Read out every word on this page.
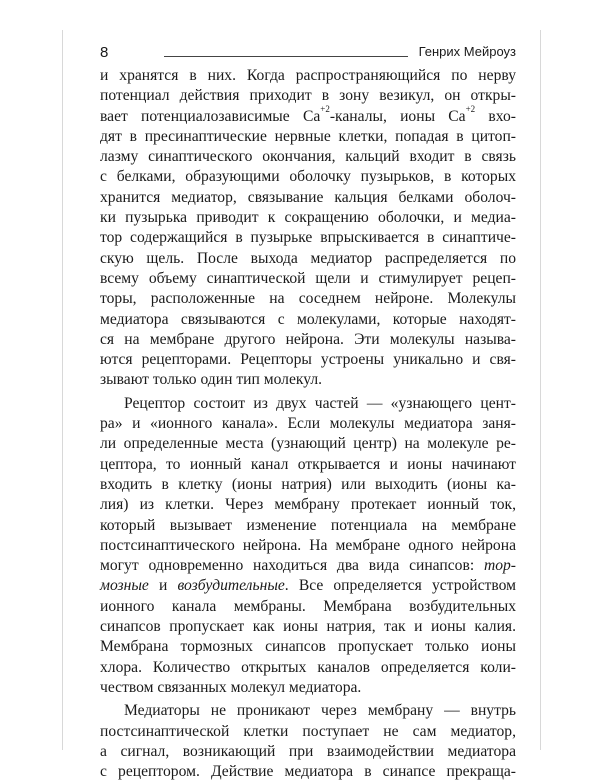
8	Генрих Мейроуз

и хранятся в них. Когда распространяющийся по нерву
потенциал действия приходит в зону везикул, он откры-
вает потенциалозависимые $Ca^{+2}$-каналы, ионы $Ca^{+2}$ вхо-
дят в пресинаптические нервные клетки, попадая в цитоп-
лазму синаптического окончания, кальций входит в связь
с белками, образующими оболочку пузырьков, в которых
хранится медиатор, связывание кальция белками оболоч-
ки пузырька приводит к сокращению оболочки, и медиа-
тор содержащийся в пузырьке впрыскивается в синаптиче-
скую щель. После выхода медиатор распределяется по
всему объему синаптической щели и стимулирует рецеп-
торы, расположенные на соседнем нейроне. Молекулы
медиатора связываются с молекулами, которые находят-
ся на мембране другого нейрона. Эти молекулы называ-
ются рецепторами. Рецепторы устроены уникально и свя-
зывают только один тип молекул.

Рецептор состоит из двух частей — «узнающего цент-
ра» и «ионного канала». Если молекулы медиатора заня-
ли определенные места (узнающий центр) на молекуле ре-
цептора, то ионный канал открывается и ионы начинают
входить в клетку (ионы натрия) или выходить (ионы ка-
лия) из клетки. Через мембрану протекает ионный ток,
который вызывает изменение потенциала на мембране
постсинаптического нейрона. На мембране одного нейрона
могут одновременно находиться два вида синапсов: тор-
мозные и возбудительные. Все определяется устройством
ионного канала мембраны. Мембрана возбудительных
синапсов пропускает как ионы натрия, так и ионы калия.
Мембрана тормозных синапсов пропускает только ионы
хлора. Количество открытых каналов определяется коли-
чеством связанных молекул медиатора.

Медиаторы не проникают через мембрану — внутрь
постсинаптической клетки поступает не сам медиатор,
а сигнал, возникающий при взаимодействии медиатора
с рецептором. Действие медиатора в синапсе прекраща-
